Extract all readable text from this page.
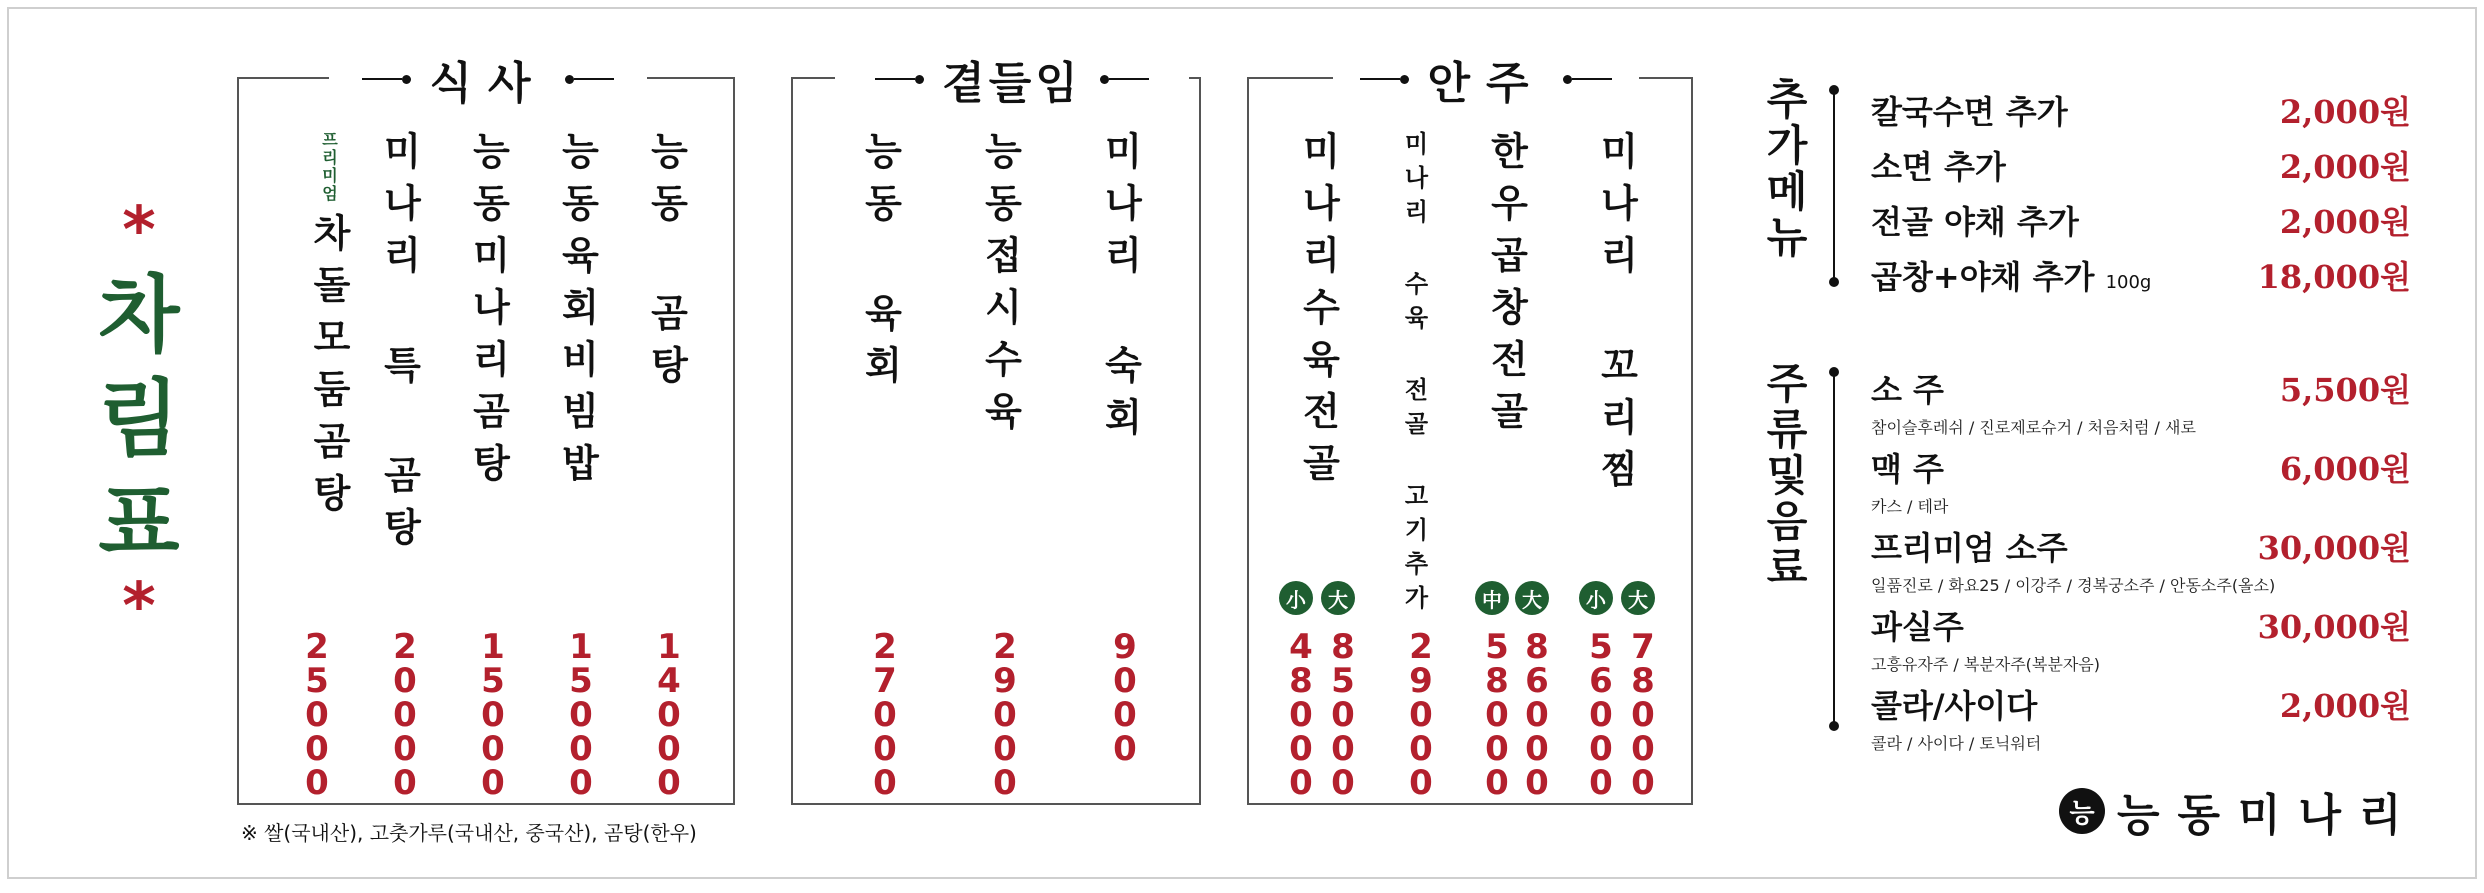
*
차
림
표
*
식사
프리미엄
차돌모둠곰탕
25000
미나리 특 곰탕
20000
능동미나리곰탕
15000
능동육회비빔밥
15000
능동 곰탕
14000
곁들임
능동 육회
27000
능동접시수육
29000
미나리 숙회
9000
안주
미나리수육전골
小	大
48000 85000
미나리 수육 전골 고기추가
29000
한우곱창전골
中	大
58000 86000
미나리 꼬리찜
小	大
56000 78000
추가메뉴 칼국수면 추가	2,000원
소면 추가	2,000원
전골 야채 추가	2,000원
곱창+야채 추가 100g	18,000원
주류및음료 소 주
참이슬후레쉬 / 진로제로슈거 / 처음처럼 / 새로
5,500원
맥 주
카스 / 테라
6,000원
프리미엄 소주
일품진로 / 화요25 / 이강주 / 경복궁소주 / 안동소주(올소)
30,000원
과실주
고흥유자주 / 복분자주(복분자음)
30,000원
콜라/사이다
콜라 / 사이다 / 토닉워터
2,000원
※ 쌀(국내산), 고춧가루(국내산, 중국산), 곰탕(한우)
능 능동미나리
